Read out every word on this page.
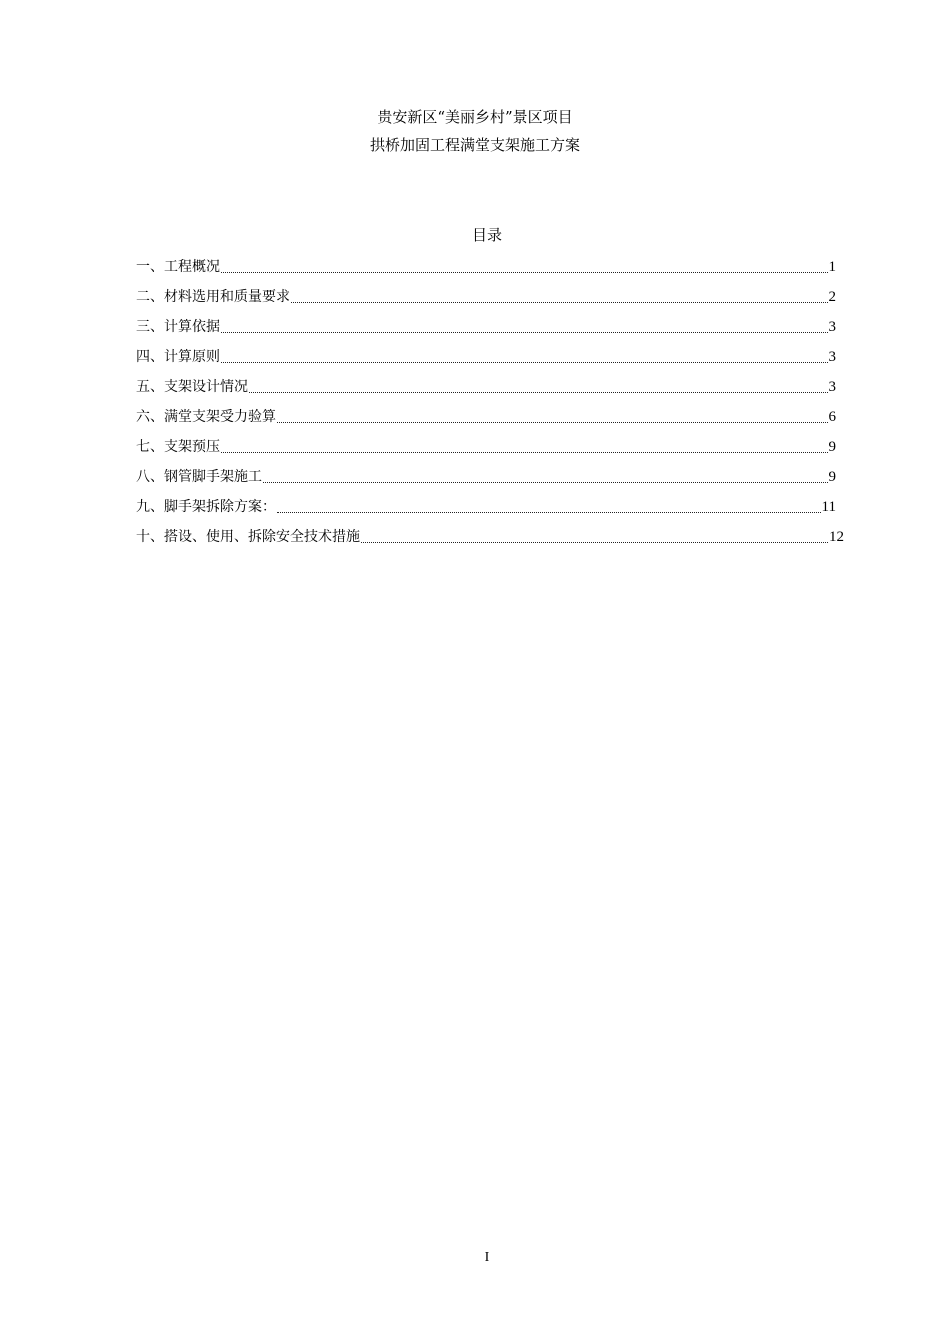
贵安新区“美丽乡村”景区项目
拱桥加固工程满堂支架施工方案
目录
一、工程概况	1
二、材料选用和质量要求	2
三、计算依据	3
四、计算原则	3
五、支架设计情况	3
六、满堂支架受力验算	6
七、支架预压	9
八、钢管脚手架施工	9
九、脚手架拆除方案：	11
十、搭设、使用、拆除安全技术措施	12
I
